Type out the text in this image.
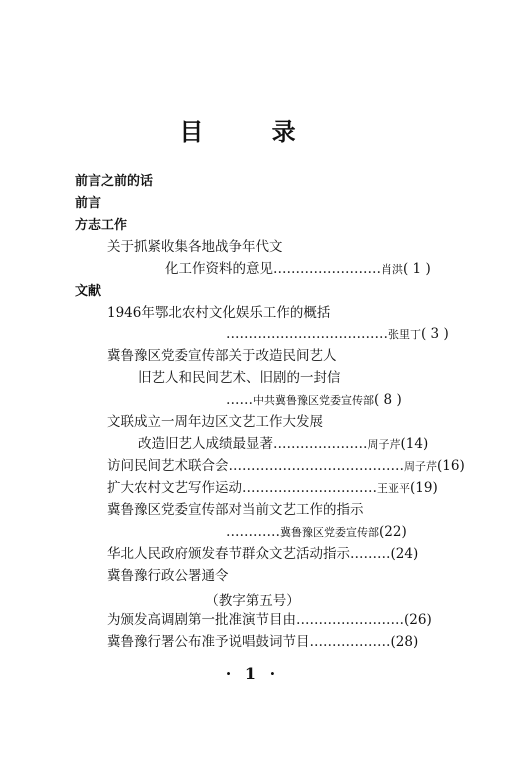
目 录
前言之前的话
前言
方志工作
关于抓紧收集各地战争年代文
化工作资料的意见……………………肖洪( 1 )
文献
1946年鄂北农村文化娱乐工作的概括
………………………………张里丁( 3 )
冀鲁豫区党委宣传部关于改造民间艺人
旧艺人和民间艺术、旧剧的一封信
……中共冀鲁豫区党委宣传部( 8 )
文联成立一周年边区文艺工作大发展
改造旧艺人成绩最显著…………………周子芹(14)
访问民间艺术联合会…………………………………周子芹(16)
扩大农村文艺写作运动…………………………王亚平(19)
冀鲁豫区党委宣传部对当前文艺工作的指示
…………冀鲁豫区党委宣传部(22)
华北人民政府颁发春节群众文艺活动指示………(24)
冀鲁豫行政公署通令
（教字第五号）
为颁发高调剧第一批准演节目由……………………(26)
冀鲁豫行署公布准予说唱鼓词节目………………(28)
· 1 ·
